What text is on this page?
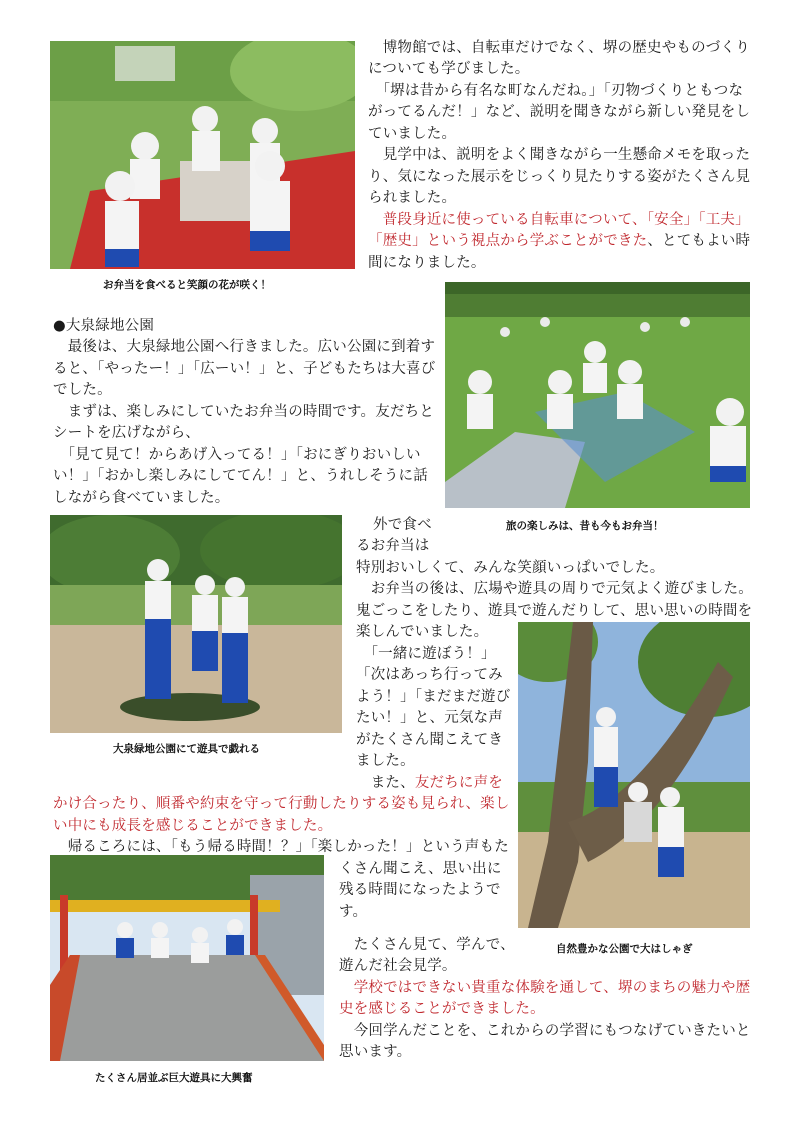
お弁当を食べると笑顔の花が咲く！
　博物館では、自転車だけでなく、堺の歴史やものづくり
についても学びました。
　「堺は昔から有名な町なんだね。」「刃物づくりともつな
がってるんだ！」など、説明を聞きながら新しい発見をし
ていました。
　見学中は、説明をよく聞きながら一生懸命メモを取った
り、気になった展示をじっくり見たりする姿がたくさん見
られました。
　普段身近に使っている自転車について、「安全」「工夫」
「歴史」という視点から学ぶことができた、とてもよい時
間になりました。
●大泉緑地公園
　最後は、大泉緑地公園へ行きました。広い公園に到着す
ると、「やったー！」「広ーい！」と、子どもたちは大喜び
でした。
　まずは、楽しみにしていたお弁当の時間です。友だちと
シートを広げながら、
　「見て見て！からあげ入ってる！」「おにぎりおいしい
い！」「おかし楽しみにしててん！」と、うれしそうに話
しながら食べていました。
旅の楽しみは、昔も今もお弁当！
大泉緑地公園にて遊具で戯れる
外で食べ
るお弁当は
特別おいしくて、みんな笑顔いっぱいでした。
　お弁当の後は、広場や遊具の周りで元気よく遊びました。
鬼ごっこをしたり、遊具で遊んだりして、思い思いの時間を
楽しんでいました。
　「一緒に遊ぼう！」
「次はあっち行ってみ
よう！」「まだまだ遊び
たい！」と、元気な声
がたくさん聞こえてき
ました。
　また、友だちに声を
かけ合ったり、順番や約束を守って行動したりする姿も見られ、楽し
い中にも成長を感じることができました。
　帰るころには、「もう帰る時間！？」「楽しかった！」という声もた
くさん聞こえ、思い出に
残る時間になったようで
す。
自然豊かな公園で大はしゃぎ
たくさん居並ぶ巨大遊具に大興奮
　たくさん見て、学んで、
遊んだ社会見学。
　学校ではできない貴重な体験を通して、堺のまちの魅力や歴
史を感じることができました。
　今回学んだことを、これからの学習にもつなげていきたいと
思います。
